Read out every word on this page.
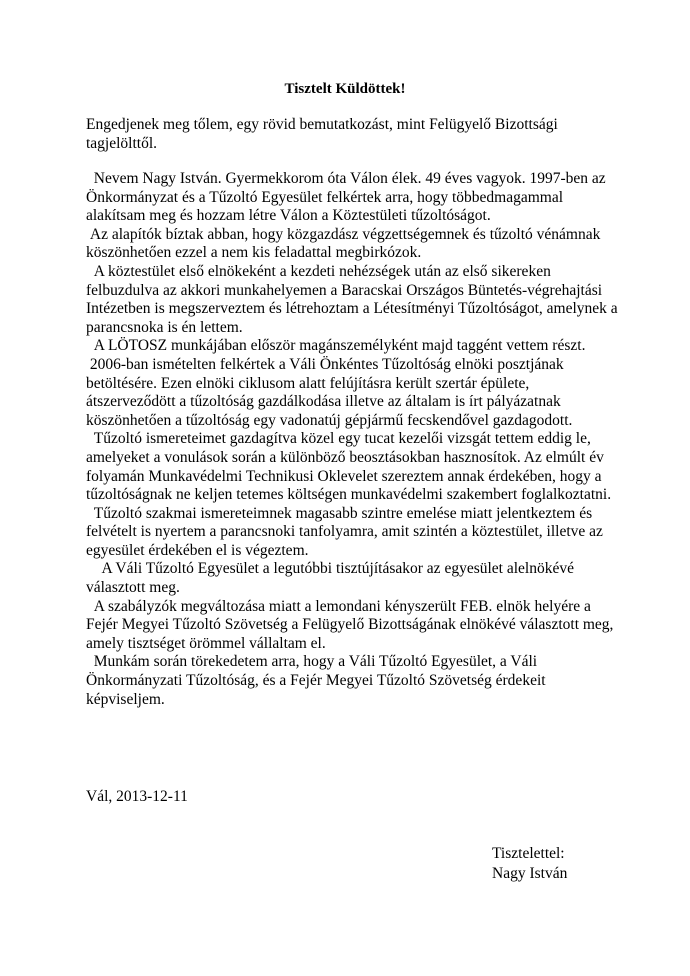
Tisztelt Küldöttek!

Engedjenek meg tőlem, egy rövid bemutatkozást, mint Felügyelő Bizottsági tagjelölttől.

Nevem Nagy István. Gyermekkorom óta Válon élek. 49 éves vagyok. 1997-ben az Önkormányzat és a Tűzoltó Egyesület felkértek arra, hogy többedmagammal alakítsam meg és hozzam létre Válon a Köztestületi tűzoltóságot.

Az alapítók bíztak abban, hogy közgazdász végzettségemnek és tűzoltó vénámnak köszönhetően ezzel a nem kis feladattal megbirkózok.

A köztestület első elnökeként a kezdeti nehézségek után az első sikereken felbuzdulva az akkori munkahelyemen a Baracskai Országos Büntetés-végrehajtási Intézetben is megszerveztem és létrehoztam a Létesítményi Tűzoltóságot, amelynek a parancsnoka is én lettem.

A LÖTOSZ munkájában először magánszemélyként majd taggént vettem részt.

2006-ban ismételten felkértek a Váli Önkéntes Tűzoltóság elnöki posztjának betöltésére. Ezen elnöki ciklusom alatt felújításra került szertár épülete, átszerveződött a tűzoltóság gazdálkodása illetve az általam is írt pályázatnak köszönhetően a tűzoltóság egy vadonatúj gépjármű fecskendővel gazdagodott.

Tűzoltó ismereteimet gazdagítva közel egy tucat kezelői vizsgát tettem eddig le, amelyeket a vonulások során a különböző beosztásokban hasznosítok. Az elmúlt év folyamán Munkavédelmi Technikusi Oklevelet szereztem annak érdekében, hogy a tűzoltóságnak ne keljen tetemes költségen munkavédelmi szakembert foglalkoztatni.

Tűzoltó szakmai ismereteimnek magasabb szintre emelése miatt jelentkeztem és felvételt is nyertem a parancsnoki tanfolyamra, amit szintén a köztestület, illetve az egyesület érdekében el is végeztem.

A Váli Tűzoltó Egyesület a legutóbbi tisztújításakor az egyesület alelnökévé választott meg.

A szabályzók megváltozása miatt a lemondani kényszerült FEB. elnök helyére a Fejér Megyei Tűzoltó Szövetség a Felügyelő Bizottságának elnökévé választott meg, amely tisztséget örömmel vállaltam el.

Munkám során törekedetem arra, hogy a Váli Tűzoltó Egyesület, a Váli Önkormányzati Tűzoltóság, és a Fejér Megyei Tűzoltó Szövetség érdekeit képviseljem.

Vál, 2013-12-11

Tisztelettel:
Nagy István
